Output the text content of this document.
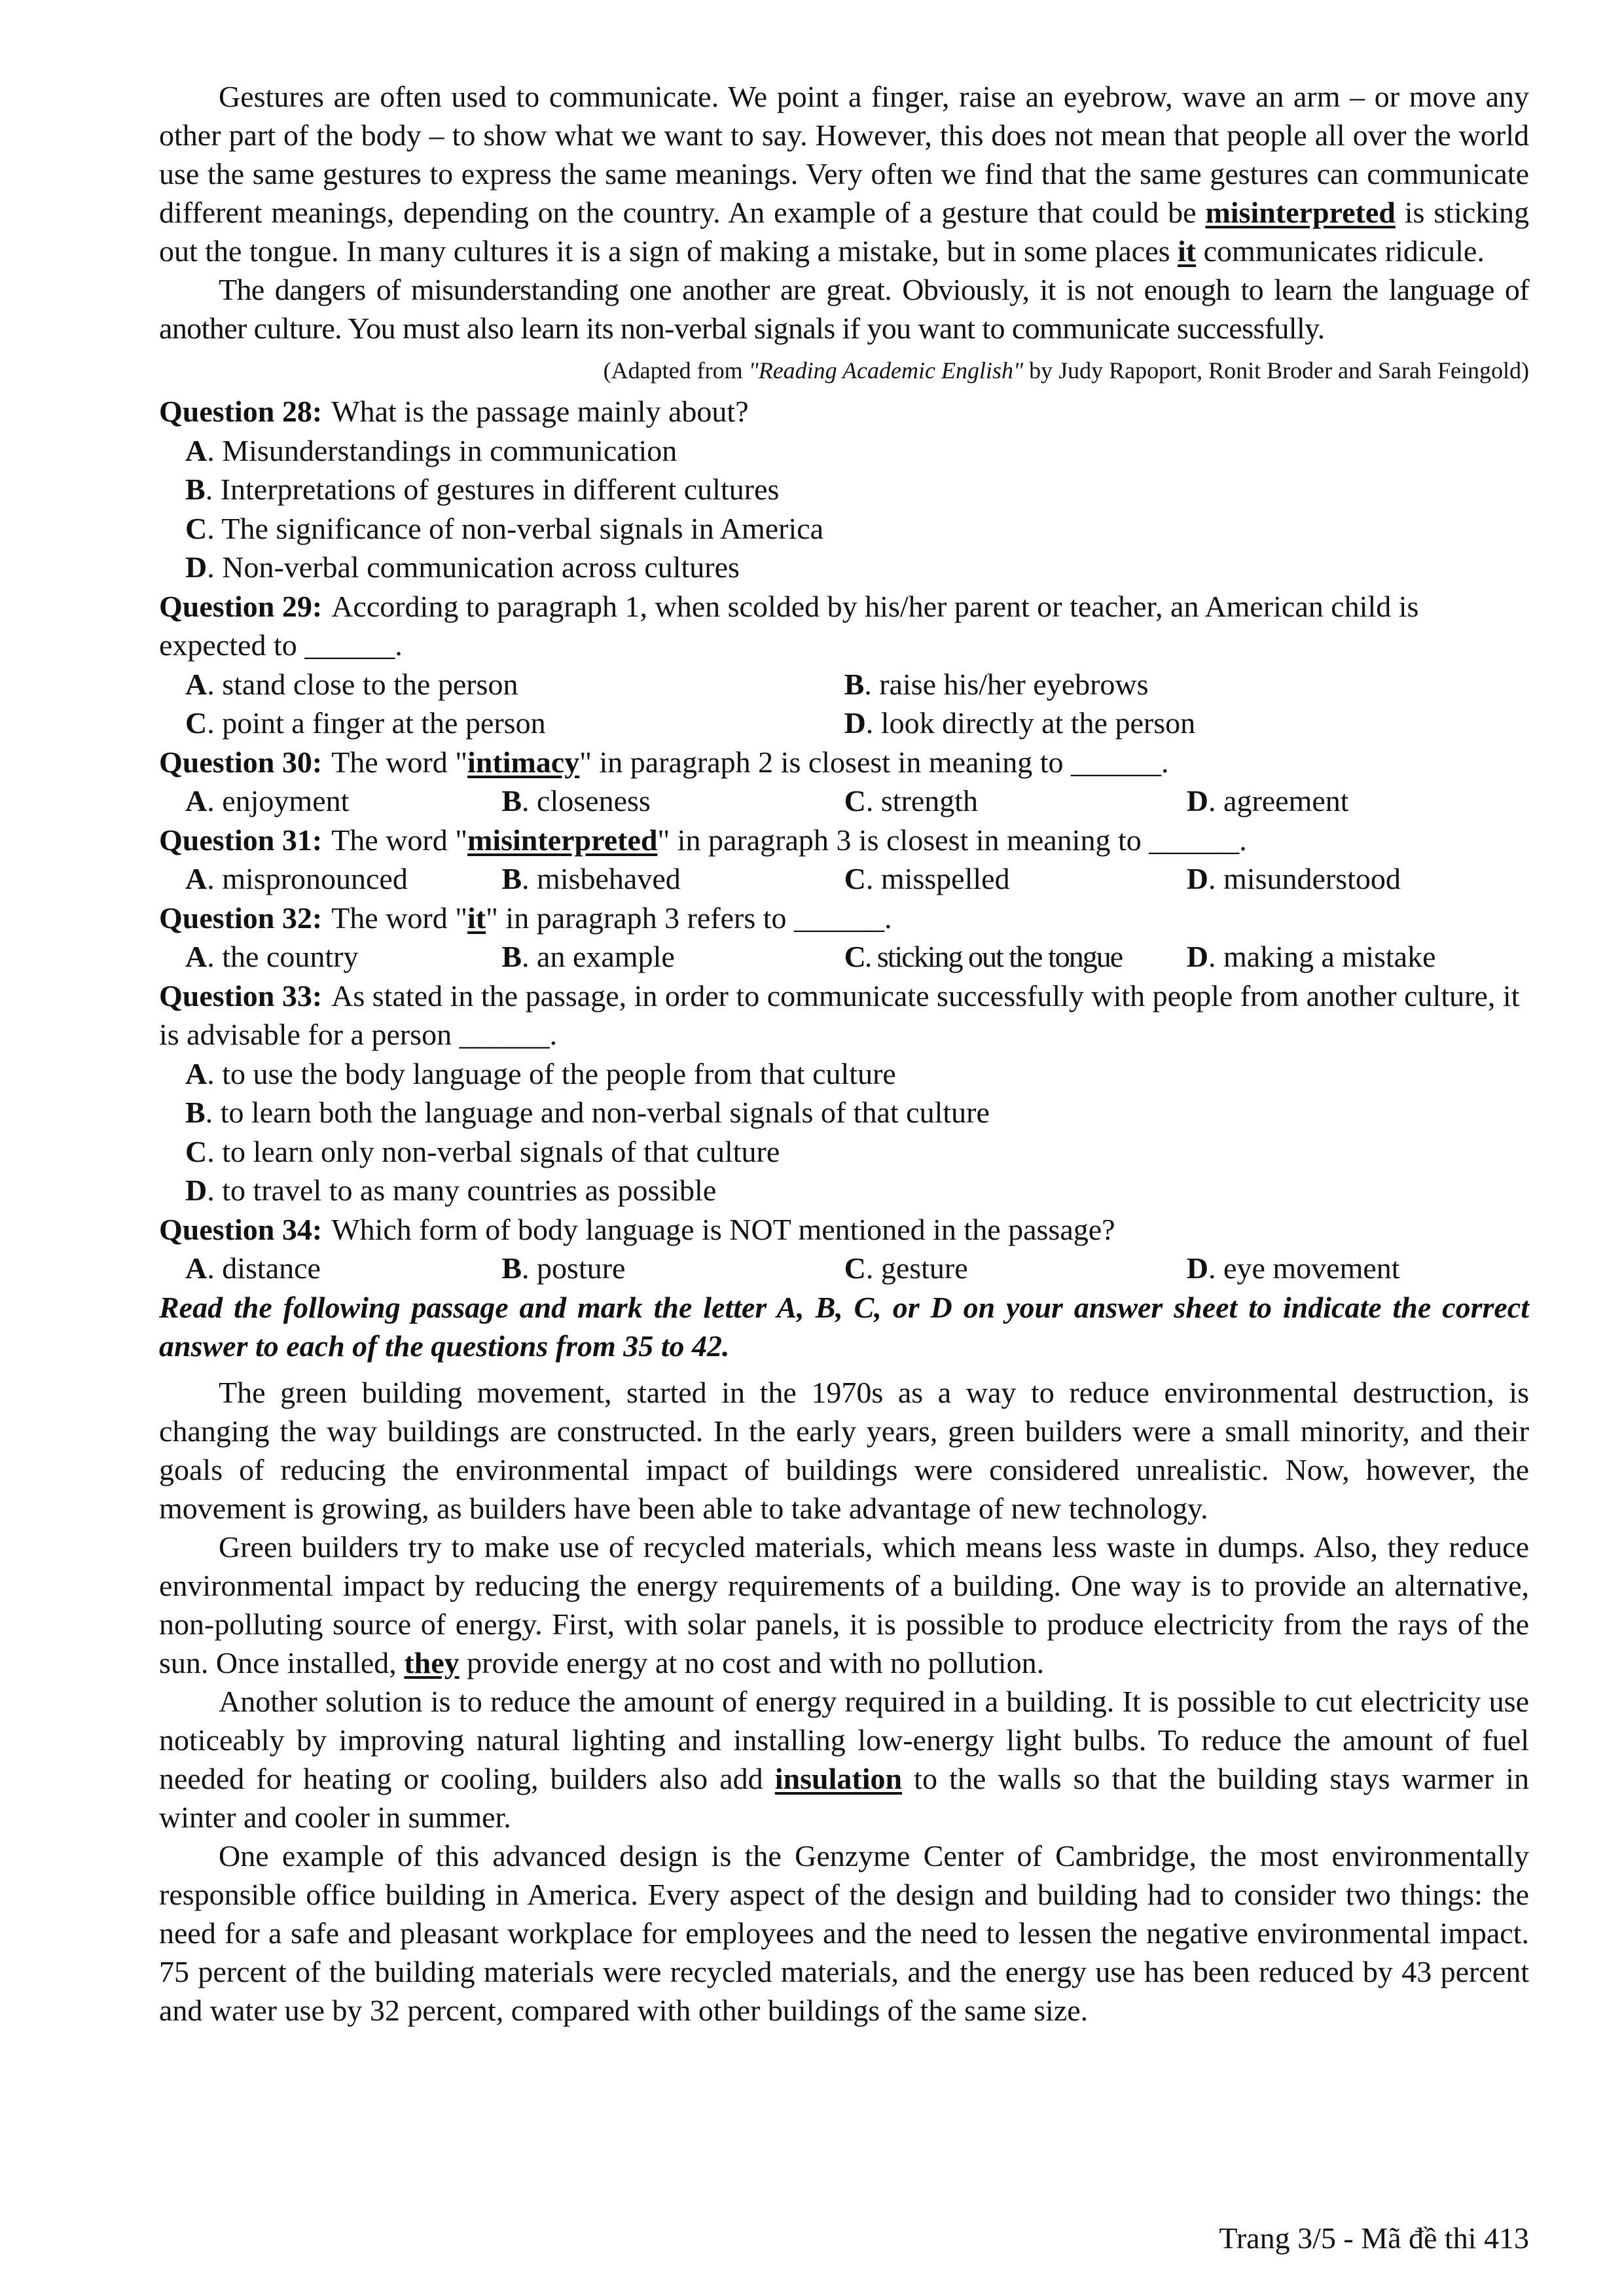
Gestures are often used to communicate. We point a finger, raise an eyebrow, wave an arm – or move any other part of the body – to show what we want to say. However, this does not mean that people all over the world use the same gestures to express the same meanings. Very often we find that the same gestures can communicate different meanings, depending on the country. An example of a gesture that could be misinterpreted is sticking out the tongue. In many cultures it is a sign of making a mistake, but in some places it communicates ridicule.

The dangers of misunderstanding one another are great. Obviously, it is not enough to learn the language of another culture. You must also learn its non-verbal signals if you want to communicate successfully.

(Adapted from "Reading Academic English" by Judy Rapoport, Ronit Broder and Sarah Feingold)

Question 28: What is the passage mainly about?

A. Misunderstandings in communication
B. Interpretations of gestures in different cultures
C. The significance of non-verbal signals in America
D. Non-verbal communication across cultures

Question 29: According to paragraph 1, when scolded by his/her parent or teacher, an American child is expected to ______.

A. stand close to the person	B. raise his/her eyebrows
C. point a finger at the person	D. look directly at the person

Question 30: The word "intimacy" in paragraph 2 is closest in meaning to ______.

A. enjoyment	B. closeness	C. strength	D. agreement

Question 31: The word "misinterpreted" in paragraph 3 is closest in meaning to ______.

A. mispronounced	B. misbehaved	C. misspelled	D. misunderstood

Question 32: The word "it" in paragraph 3 refers to ______.

A. the country	B. an example	C. sticking out the tongue	D. making a mistake

Question 33: As stated in the passage, in order to communicate successfully with people from another culture, it is advisable for a person ______.

A. to use the body language of the people from that culture
B. to learn both the language and non-verbal signals of that culture
C. to learn only non-verbal signals of that culture
D. to travel to as many countries as possible

Question 34: Which form of body language is NOT mentioned in the passage?

A. distance	B. posture	C. gesture	D. eye movement

Read the following passage and mark the letter A, B, C, or D on your answer sheet to indicate the correct answer to each of the questions from 35 to 42.

The green building movement, started in the 1970s as a way to reduce environmental destruction, is changing the way buildings are constructed. In the early years, green builders were a small minority, and their goals of reducing the environmental impact of buildings were considered unrealistic. Now, however, the movement is growing, as builders have been able to take advantage of new technology.

Green builders try to make use of recycled materials, which means less waste in dumps. Also, they reduce environmental impact by reducing the energy requirements of a building. One way is to provide an alternative, non-polluting source of energy. First, with solar panels, it is possible to produce electricity from the rays of the sun. Once installed, they provide energy at no cost and with no pollution.

Another solution is to reduce the amount of energy required in a building. It is possible to cut electricity use noticeably by improving natural lighting and installing low-energy light bulbs. To reduce the amount of fuel needed for heating or cooling, builders also add insulation to the walls so that the building stays warmer in winter and cooler in summer.

One example of this advanced design is the Genzyme Center of Cambridge, the most environmentally responsible office building in America. Every aspect of the design and building had to consider two things: the need for a safe and pleasant workplace for employees and the need to lessen the negative environmental impact. 75 percent of the building materials were recycled materials, and the energy use has been reduced by 43 percent and water use by 32 percent, compared with other buildings of the same size.

Trang 3/5 - Mã đề thi 413
